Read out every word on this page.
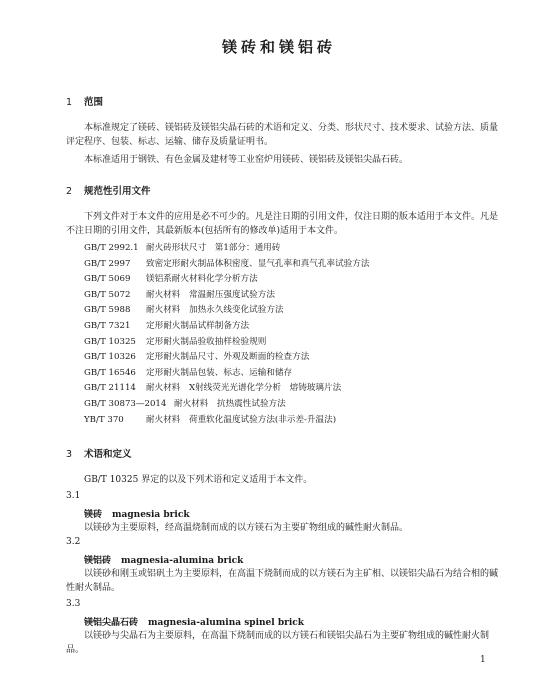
镁砖和镁铝砖
1 范围
本标准规定了镁砖、镁铝砖及镁铝尖晶石砖的术语和定义、分类、形状尺寸、技术要求、试验方法、质量评定程序、包装、标志、运输、储存及质量证明书。
本标准适用于钢铁、有色金属及建材等工业窑炉用镁砖、镁铝砖及镁铝尖晶石砖。
2 规范性引用文件
下列文件对于本文件的应用是必不可少的。凡是注日期的引用文件，仅注日期的版本适用于本文件。凡是不注日期的引用文件，其最新版本(包括所有的修改单)适用于本文件。
GB/T 2992.1 耐火砖形状尺寸　第1部分：通用砖
GB/T 2997 致密定形耐火制品体积密度、显气孔率和真气孔率试验方法
GB/T 5069 镁铝系耐火材料化学分析方法
GB/T 5072 耐火材料　常温耐压强度试验方法
GB/T 5988 耐火材料　加热永久线变化试验方法
GB/T 7321 定形耐火制品试样制备方法
GB/T 10325 定形耐火制品验收抽样检验规则
GB/T 10326 定形耐火制品尺寸、外观及断面的检查方法
GB/T 16546 定形耐火制品包装、标志、运输和储存
GB/T 21114 耐火材料　X射线荧光光谱化学分析　熔铸玻璃片法
GB/T 30873—2014 耐火材料　抗热震性试验方法
YB/T 370	耐火材料　荷重软化温度试验方法(非示差-升温法)
3 术语和定义
GB/T 10325 界定的以及下列术语和定义适用于本文件。
3.1
镁砖 magnesia brick
以镁砂为主要原料，经高温烧制而成的以方镁石为主要矿物组成的碱性耐火制品。
3.2
镁铝砖 magnesia-alumina brick
以镁砂和刚玉或铝矾土为主要原料，在高温下烧制而成的以方镁石为主矿相、以镁铝尖晶石为结合相的碱性耐火制品。
3.3
镁铝尖晶石砖 magnesia-alumina spinel brick
以镁砂与尖晶石为主要原料，在高温下烧制而成的以方镁石和镁铝尖晶石为主要矿物组成的碱性耐火制品。
1
